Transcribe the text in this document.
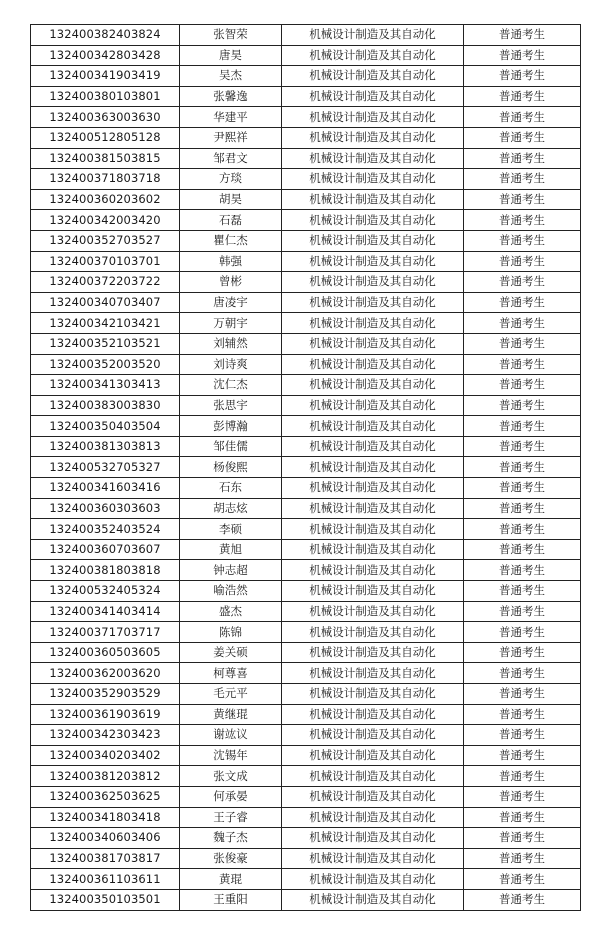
132400382403824	张智荣	机械设计制造及其自动化	普通考生
132400342803428	唐昊	机械设计制造及其自动化	普通考生
132400341903419	吴杰	机械设计制造及其自动化	普通考生
132400380103801	张馨逸	机械设计制造及其自动化	普通考生
132400363003630	华建平	机械设计制造及其自动化	普通考生
132400512805128	尹熙祥	机械设计制造及其自动化	普通考生
132400381503815	邹君文	机械设计制造及其自动化	普通考生
132400371803718	方琰	机械设计制造及其自动化	普通考生
132400360203602	胡昊	机械设计制造及其自动化	普通考生
132400342003420	石磊	机械设计制造及其自动化	普通考生
132400352703527	瞿仁杰	机械设计制造及其自动化	普通考生
132400370103701	韩强	机械设计制造及其自动化	普通考生
132400372203722	曾彬	机械设计制造及其自动化	普通考生
132400340703407	唐凌宇	机械设计制造及其自动化	普通考生
132400342103421	万朝宇	机械设计制造及其自动化	普通考生
132400352103521	刘辅然	机械设计制造及其自动化	普通考生
132400352003520	刘诗爽	机械设计制造及其自动化	普通考生
132400341303413	沈仁杰	机械设计制造及其自动化	普通考生
132400383003830	张思宇	机械设计制造及其自动化	普通考生
132400350403504	彭博瀚	机械设计制造及其自动化	普通考生
132400381303813	邹佳儒	机械设计制造及其自动化	普通考生
132400532705327	杨俊熙	机械设计制造及其自动化	普通考生
132400341603416	石东	机械设计制造及其自动化	普通考生
132400360303603	胡志炫	机械设计制造及其自动化	普通考生
132400352403524	李硕	机械设计制造及其自动化	普通考生
132400360703607	黄旭	机械设计制造及其自动化	普通考生
132400381803818	钟志超	机械设计制造及其自动化	普通考生
132400532405324	喻浩然	机械设计制造及其自动化	普通考生
132400341403414	盛杰	机械设计制造及其自动化	普通考生
132400371703717	陈锦	机械设计制造及其自动化	普通考生
132400360503605	姜关硕	机械设计制造及其自动化	普通考生
132400362003620	柯尊喜	机械设计制造及其自动化	普通考生
132400352903529	毛元平	机械设计制造及其自动化	普通考生
132400361903619	黄继琨	机械设计制造及其自动化	普通考生
132400342303423	谢竑议	机械设计制造及其自动化	普通考生
132400340203402	沈锡年	机械设计制造及其自动化	普通考生
132400381203812	张文成	机械设计制造及其自动化	普通考生
132400362503625	何承晏	机械设计制造及其自动化	普通考生
132400341803418	王子睿	机械设计制造及其自动化	普通考生
132400340603406	魏子杰	机械设计制造及其自动化	普通考生
132400381703817	张俊豪	机械设计制造及其自动化	普通考生
132400361103611	黄琨	机械设计制造及其自动化	普通考生
132400350103501	王重阳	机械设计制造及其自动化	普通考生
